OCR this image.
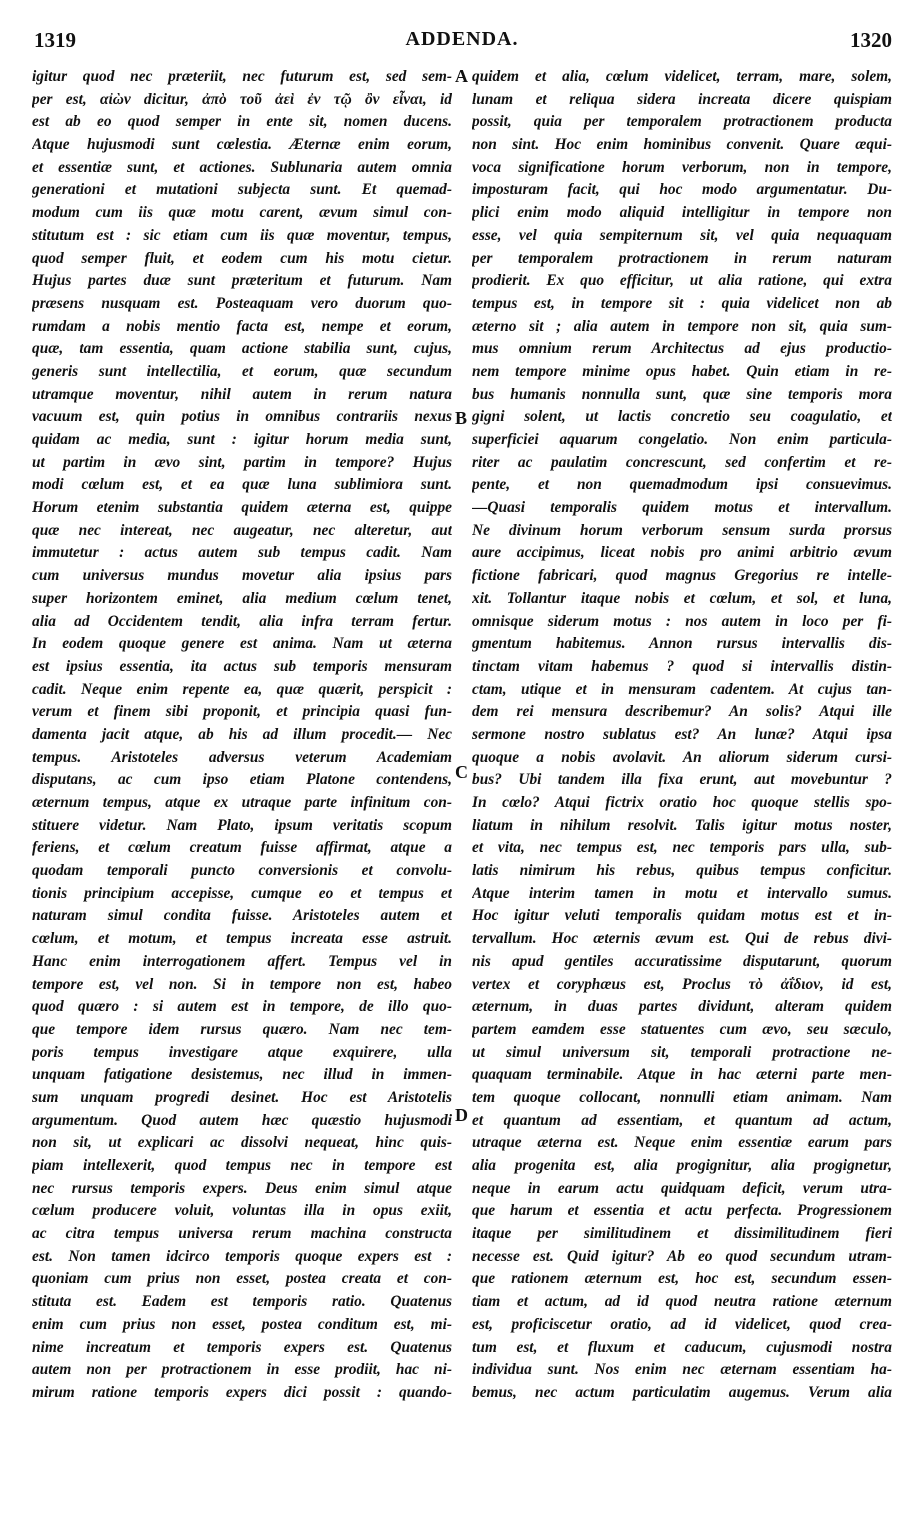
1319	ADDENDA.	1320
igitur quod nec præteriit, nec futurum est, sed sem-
per est, αἰὼν dicitur, ἀπὸ τοῦ ἀεὶ ἐν τῷ ὂν εἶναι, id
est ab eo quod semper in ente sit, nomen ducens.
Atque hujusmodi sunt cœlestia. Æternæ enim eorum,
et essentiæ sunt, et actiones. Sublunaria autem omnia
generationi et mutationi subjecta sunt. Et quemad-
modum cum iis quæ motu carent, ævum simul con-
stitutum est : sic etiam cum iis quæ moventur, tempus,
quod semper fluit, et eodem cum his motu cietur.
Hujus partes duæ sunt præteritum et futurum. Nam
præsens nusquam est. Posteaquam vero duorum quo-
rumdam a nobis mentio facta est, nempe et eorum,
quæ, tam essentia, quam actione stabilia sunt, cujus,
generis sunt intellectilia, et eorum, quæ secundum
utramque moventur, nihil autem in rerum natura
vacuum est, quin potius in omnibus contrariis nexus
quidam ac media, sunt : igitur horum media sunt,
ut partim in ævo sint, partim in tempore? Hujus
modi cœlum est, et ea quæ luna sublimiora sunt.
Horum etenim substantia quidem æterna est, quippe
quæ nec intereat, nec augeatur, nec alteretur, aut
immutetur : actus autem sub tempus cadit. Nam
cum universus mundus movetur alia ipsius pars
super horizontem eminet, alia medium cœlum tenet,
alia ad Occidentem tendit, alia infra terram fertur.
In eodem quoque genere est anima. Nam ut æterna
est ipsius essentia, ita actus sub temporis mensuram
cadit. Neque enim repente ea, quæ quærit, perspicit :
verum et finem sibi proponit, et principia quasi fun-
damenta jacit atque, ab his ad illum procedit.— Nec
tempus. Aristoteles adversus veterum Academiam
disputans, ac cum ipso etiam Platone contendens,
æternum tempus, atque ex utraque parte infinitum con-
stituere videtur. Nam Plato, ipsum veritatis scopum
feriens, et cœlum creatum fuisse affirmat, atque a
quodam temporali puncto conversionis et convolu-
tionis principium accepisse, cumque eo et tempus et
naturam simul condita fuisse. Aristoteles autem et
cœlum, et motum, et tempus increata esse astruit.
Hanc enim interrogationem affert. Tempus vel in
tempore est, vel non. Si in tempore non est, habeo
quod quæro : si autem est in tempore, de illo quo-
que tempore idem rursus quæro. Nam nec tem-
poris tempus investigare atque exquirere, ulla
unquam fatigatione desistemus, nec illud in immen-
sum unquam progredi desinet. Hoc est Aristotelis
argumentum. Quod autem hæc quæstio hujusmodi
non sit, ut explicari ac dissolvi nequeat, hinc quis-
piam intellexerit, quod tempus nec in tempore est
nec rursus temporis expers. Deus enim simul atque
cœlum producere voluit, voluntas illa in opus exiit,
ac citra tempus universa rerum machina constructa
est. Non tamen idcirco temporis quoque expers est :
quoniam cum prius non esset, postea creata et con-
stituta est. Eadem est temporis ratio. Quatenus
enim cum prius non esset, postea conditum est, mi-
nime increatum et temporis expers est. Quatenus
autem non per protractionem in esse prodiit, hac ni-
mirum ratione temporis expers dici possit : quando-
quidem et alia, cœlum videlicet, terram, mare, solem,
lunam et reliqua sidera increata dicere quispiam
possit, quia per temporalem protractionem producta
non sint. Hoc enim hominibus convenit. Quare æqui-
voca significatione horum verborum, non in tempore,
imposturam facit, qui hoc modo argumentatur. Du-
plici enim modo aliquid intelligitur in tempore non
esse, vel quia sempiternum sit, vel quia nequaquam
per temporalem protractionem in rerum naturam
prodierit. Ex quo efficitur, ut alia ratione, qui extra
tempus est, in tempore sit : quia videlicet non ab
æterno sit ; alia autem in tempore non sit, quia sum-
mus omnium rerum Architectus ad ejus productio-
nem tempore minime opus habet. Quin etiam in re-
bus humanis nonnulla sunt, quæ sine temporis mora
gigni solent, ut lactis concretio seu coagulatio, et
superficiei aquarum congelatio. Non enim particula-
riter ac paulatim concrescunt, sed confertim et re-
pente, et non quemadmodum ipsi consuevimus.
—Quasi temporalis quidem motus et intervallum.
Ne divinum horum verborum sensum surda prorsus
aure accipimus, liceat nobis pro animi arbitrio ævum
fictione fabricari, quod magnus Gregorius re intelle-
xit. Tollantur itaque nobis et cœlum, et sol, et luna,
omnisque siderum motus : nos autem in loco per fi-
gmentum habitemus. Annon rursus intervallis dis-
tinctam vitam habemus ? quod si intervallis distin-
ctam, utique et in mensuram cadentem. At cujus tan-
dem rei mensura describemur? An solis? Atqui ille
sermone nostro sublatus est? An lunæ? Atqui ipsa
quoque a nobis avolavit. An aliorum siderum cursi-
bus? Ubi tandem illa fixa erunt, aut movebuntur ?
In cœlo? Atqui fictrix oratio hoc quoque stellis spo-
liatum in nihilum resolvit. Talis igitur motus noster,
et vita, nec tempus est, nec temporis pars ulla, sub-
latis nimirum his rebus, quibus tempus conficitur.
Atque interim tamen in motu et intervallo sumus.
Hoc igitur veluti temporalis quidam motus est et in-
tervallum. Hoc æternis ævum est. Qui de rebus divi-
nis apud gentiles accuratissime disputarunt, quorum
vertex et coryphæus est, Proclus τὸ ἀΐδιον, id est,
æternum, in duas partes dividunt, alteram quidem
partem eamdem esse statuentes cum ævo, seu sæculo,
ut simul universum sit, temporali protractione ne-
quaquam terminabile. Atque in hac æterni parte men-
tem quoque collocant, nonnulli etiam animam. Nam
et quantum ad essentiam, et quantum ad actum,
utraque æterna est. Neque enim essentiæ earum pars
alia progenita est, alia progignitur, alia progignetur,
neque in earum actu quidquam deficit, verum utra-
que harum et essentia et actu perfecta. Progressionem
itaque per similitudinem et dissimilitudinem fieri
necesse est. Quid igitur? Ab eo quod secundum utram-
que rationem æternum est, hoc est, secundum essen-
tiam et actum, ad id quod neutra ratione æternum
est, proficiscetur oratio, ad id videlicet, quod crea-
tum est, et fluxum et caducum, cujusmodi nostra
individua sunt. Nos enim nec æternam essentiam ha-
bemus, nec actum particulatim augemus. Verum alia
A
B
C
D
